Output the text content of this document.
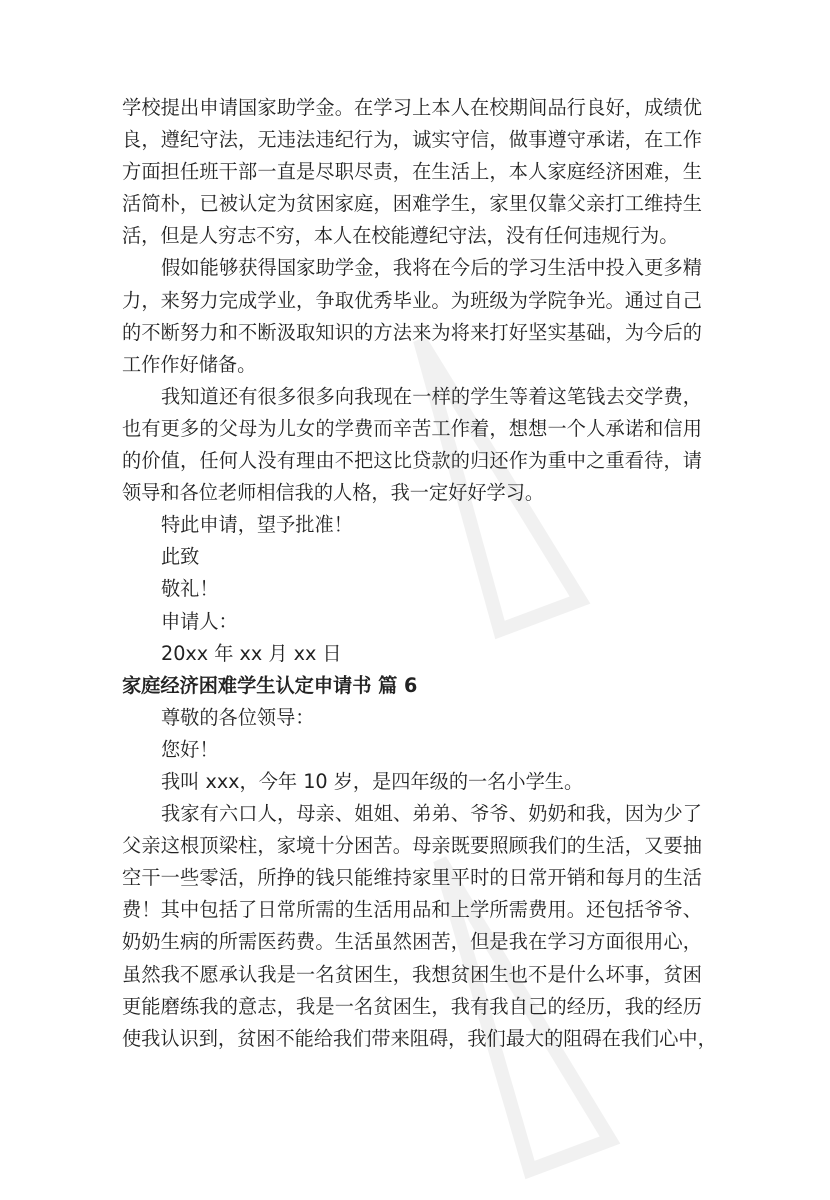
学校提出申请国家助学金。在学习上本人在校期间品行良好，成绩优
良，遵纪守法，无违法违纪行为，诚实守信，做事遵守承诺，在工作
方面担任班干部一直是尽职尽责，在生活上，本人家庭经济困难，生
活简朴，已被认定为贫困家庭，困难学生，家里仅靠父亲打工维持生
活，但是人穷志不穷，本人在校能遵纪守法，没有任何违规行为。
假如能够获得国家助学金，我将在今后的学习生活中投入更多精
力，来努力完成学业，争取优秀毕业。为班级为学院争光。通过自己
的不断努力和不断汲取知识的方法来为将来打好坚实基础，为今后的
工作作好储备。
我知道还有很多很多向我现在一样的学生等着这笔钱去交学费，
也有更多的父母为儿女的学费而辛苦工作着，想想一个人承诺和信用
的价值，任何人没有理由不把这比贷款的归还作为重中之重看待，请
领导和各位老师相信我的人格，我一定好好学习。
特此申请，望予批准！
此致
敬礼！
申请人：
20xx 年 xx 月 xx 日
家庭经济困难学生认定申请书 篇 6
尊敬的各位领导：
您好！
我叫 xxx，今年 10 岁，是四年级的一名小学生。
我家有六口人，母亲、姐姐、弟弟、爷爷、奶奶和我，因为少了
父亲这根顶梁柱，家境十分困苦。母亲既要照顾我们的生活，又要抽
空干一些零活，所挣的钱只能维持家里平时的日常开销和每月的生活
费！其中包括了日常所需的生活用品和上学所需费用。还包括爷爷、
奶奶生病的所需医药费。生活虽然困苦，但是我在学习方面很用心，
虽然我不愿承认我是一名贫困生，我想贫困生也不是什么坏事，贫困
更能磨练我的意志，我是一名贫困生，我有我自己的经历，我的经历
使我认识到，贫困不能给我们带来阻碍，我们最大的阻碍在我们心中，
